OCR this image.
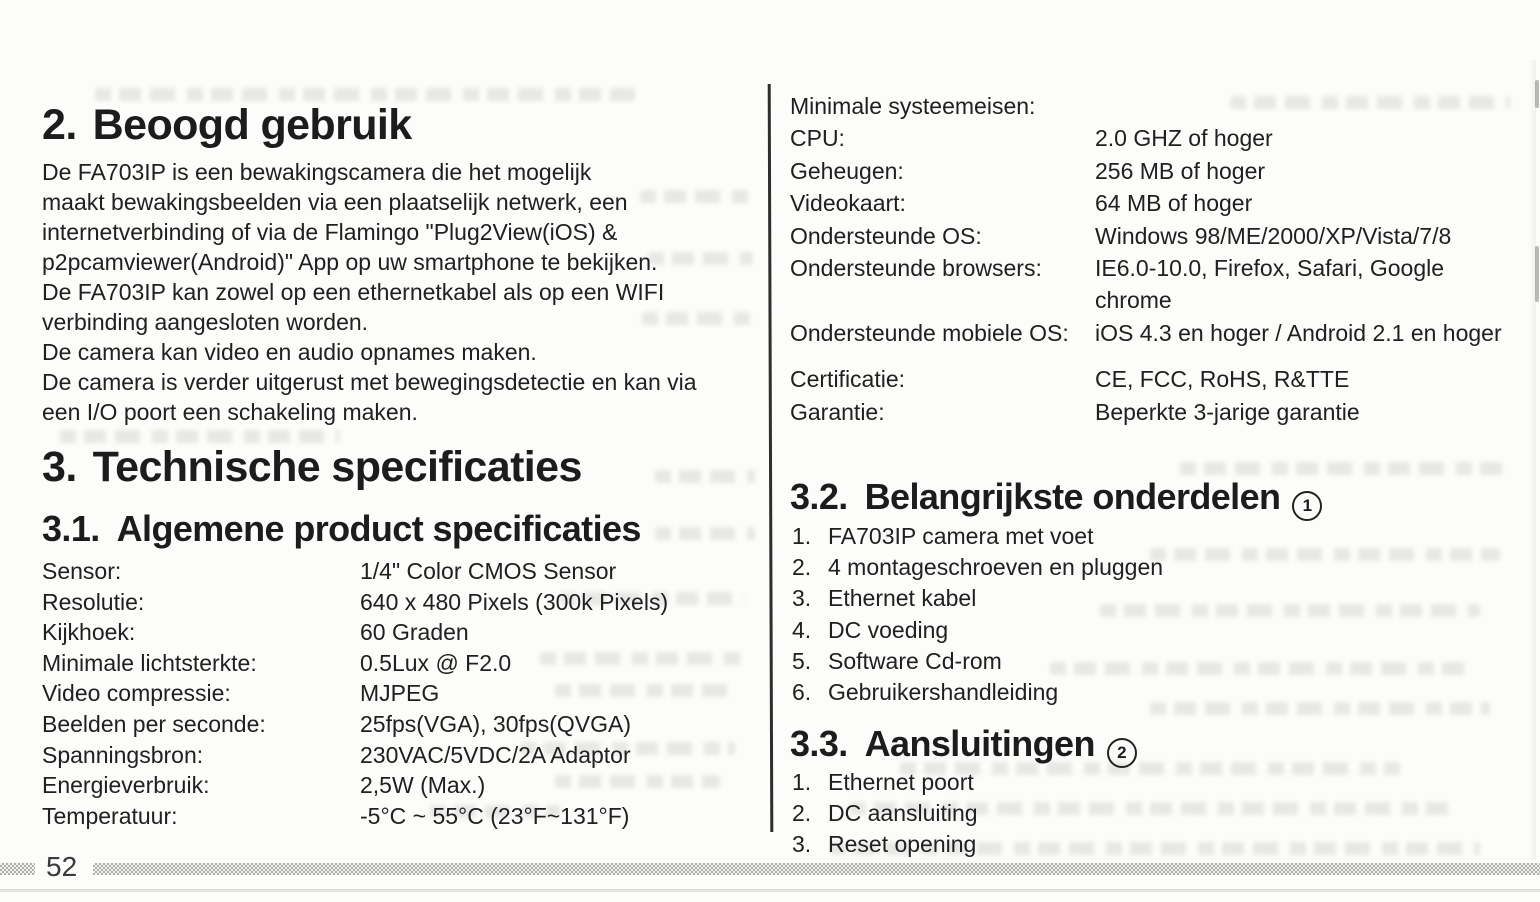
2. Beoogd gebruik
De FA703IP is een bewakingscamera die het mogelijk
maakt bewakingsbeelden via een plaatselijk netwerk, een
internetverbinding of via de Flamingo "Plug2View(iOS) &
p2pcamviewer(Android)" App op uw smartphone te bekijken.
De FA703IP kan zowel op een ethernetkabel als op een WIFI
verbinding aangesloten worden.
De camera kan video en audio opnames maken.
De camera is verder uitgerust met bewegingsdetectie en kan via
een I/O poort een schakeling maken.
3. Technische specificaties
3.1. Algemene product specificaties
Sensor:	1/4" Color CMOS Sensor
Resolutie:	640 x 480 Pixels (300k Pixels)
Kijkhoek:	60 Graden
Minimale lichtsterkte:	0.5Lux @ F2.0
Video compressie:	MJPEG
Beelden per seconde:	25fps(VGA), 30fps(QVGA)
Spanningsbron:	230VAC/5VDC/2A Adaptor
Energieverbruik:	2,5W (Max.)
Temperatuur:	-5°C ~ 55°C (23°F~131°F)
Minimale systeemeisen:
CPU:	2.0 GHZ of hoger
Geheugen:	256 MB of hoger
Videokaart:	64 MB of hoger
Ondersteunde OS:	Windows 98/ME/2000/XP/Vista/7/8
Ondersteunde browsers: IE6.0-10.0, Firefox, Safari, Google chrome
Ondersteunde mobiele OS: iOS 4.3 en hoger / Android 2.1 en hoger
Certificatie:	CE, FCC, RoHS, R&TTE
Garantie:	Beperkte 3-jarige garantie
3.2. Belangrijkste onderdelen 1
1. FA703IP camera met voet
2. 4 montageschroeven en pluggen
3. Ethernet kabel
4. DC voeding
5. Software Cd-rom
6. Gebruikershandleiding
3.3. Aansluitingen 2
1. Ethernet poort
2. DC aansluiting
3. Reset opening
52
